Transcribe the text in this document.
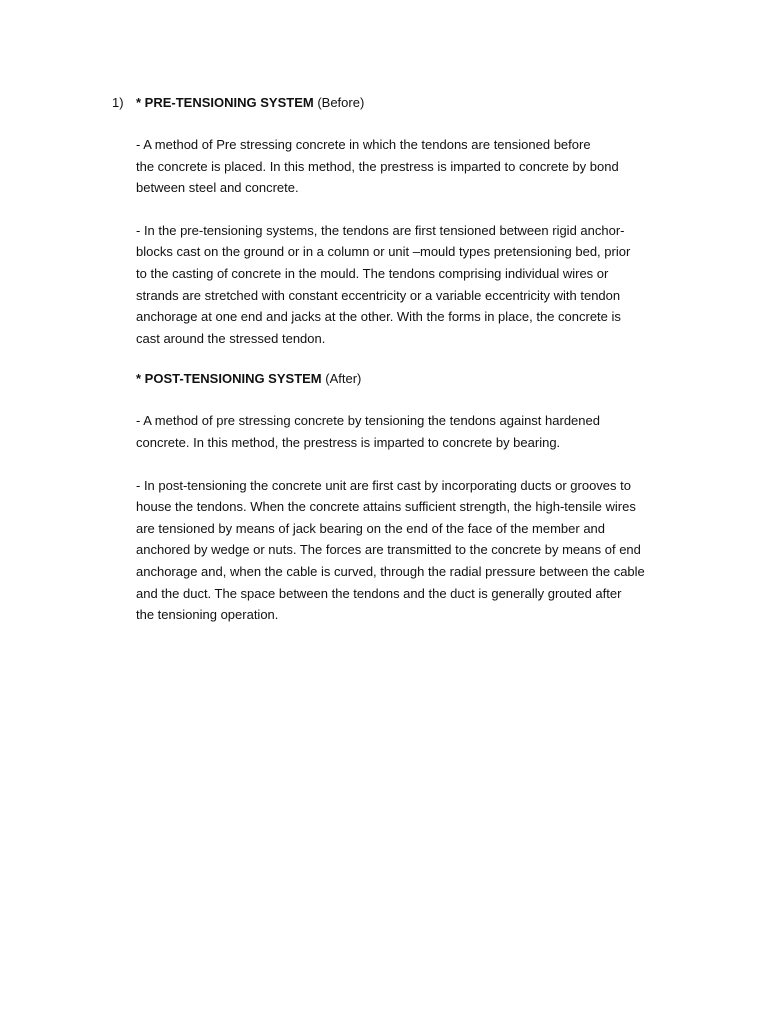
1) * PRE-TENSIONING SYSTEM (Before)

- A method of Pre stressing concrete in which the tendons are tensioned before
the concrete is placed. In this method, the prestress is imparted to concrete by bond
between steel and concrete.

- In the pre-tensioning systems, the tendons are first tensioned between rigid anchor-
blocks cast on the ground or in a column or unit –mould types pretensioning bed, prior
to the casting of concrete in the mould. The tendons comprising individual wires or
strands are stretched with constant eccentricity or a variable eccentricity with tendon
anchorage at one end and jacks at the other. With the forms in place, the concrete is
cast around the stressed tendon.

* POST-TENSIONING SYSTEM (After)

- A method of pre stressing concrete by tensioning the tendons against hardened
concrete. In this method, the prestress is imparted to concrete by bearing.

- In post-tensioning the concrete unit are first cast by incorporating ducts or grooves to
house the tendons. When the concrete attains sufficient strength, the high-tensile wires
are tensioned by means of jack bearing on the end of the face of the member and
anchored by wedge or nuts. The forces are transmitted to the concrete by means of end
anchorage and, when the cable is curved, through the radial pressure between the cable
and the duct. The space between the tendons and the duct is generally grouted after
the tensioning operation.
